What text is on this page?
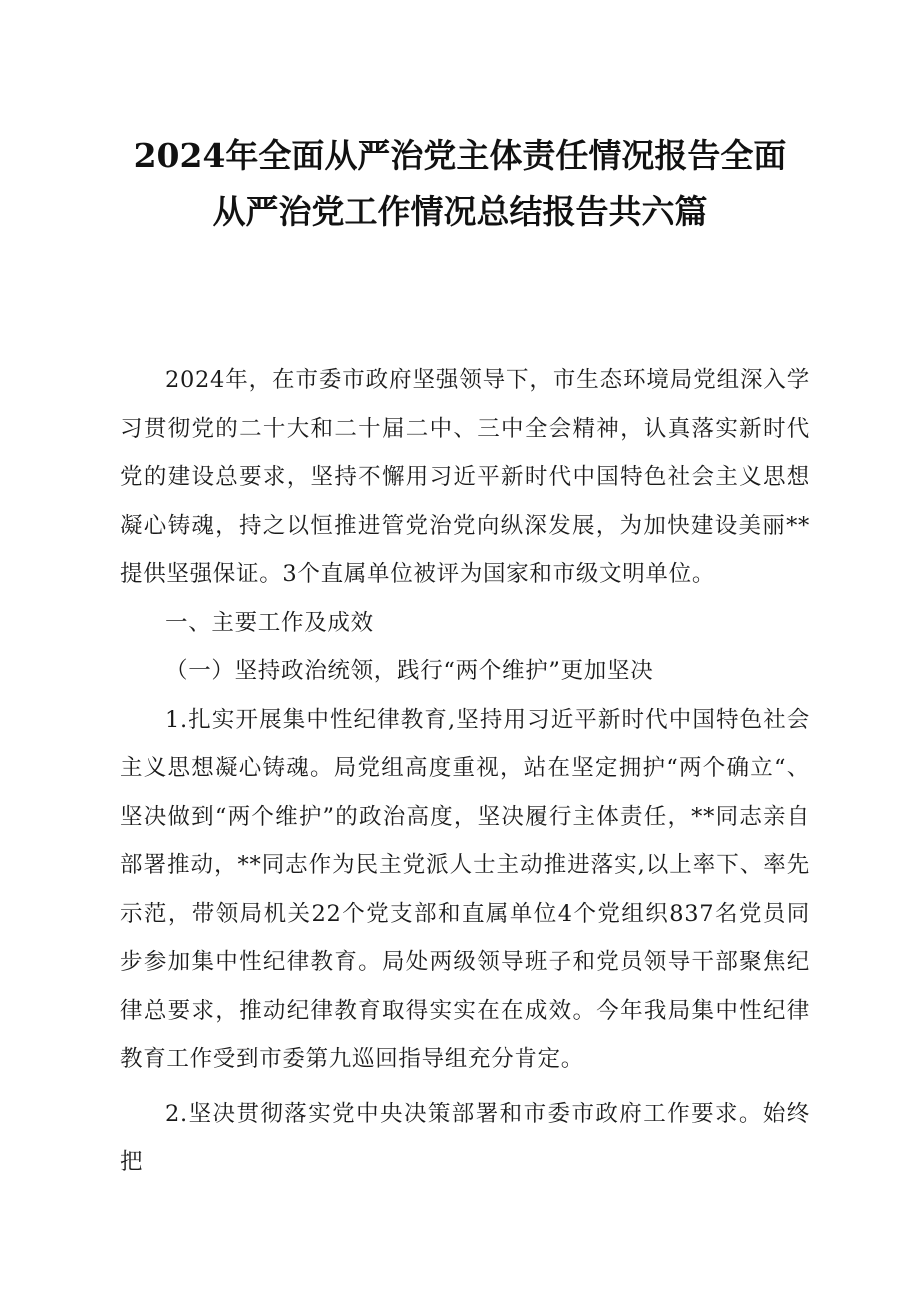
2024年全面从严治党主体责任情况报告全面
从严治党工作情况总结报告共六篇

2024年，在市委市政府坚强领导下，市生态环境局党组深入学习贯彻党的二十大和二十届二中、三中全会精神，认真落实新时代党的建设总要求，坚持不懈用习近平新时代中国特色社会主义思想凝心铸魂，持之以恒推进管党治党向纵深发展，为加快建设美丽**提供坚强保证。3个直属单位被评为国家和市级文明单位。

一、主要工作及成效

（一）坚持政治统领，践行“两个维护”更加坚决

1.扎实开展集中性纪律教育,坚持用习近平新时代中国特色社会主义思想凝心铸魂。局党组高度重视，站在坚定拥护“两个确立“、坚决做到“两个维护”的政治高度，坚决履行主体责任，**同志亲自部署推动，**同志作为民主党派人士主动推进落实,以上率下、率先示范，带领局机关22个党支部和直属单位4个党组织837名党员同步参加集中性纪律教育。局处两级领导班子和党员领导干部聚焦纪律总要求，推动纪律教育取得实实在在成效。今年我局集中性纪律教育工作受到市委第九巡回指导组充分肯定。

2.坚决贯彻落实党中央决策部署和市委市政府工作要求。始终把
